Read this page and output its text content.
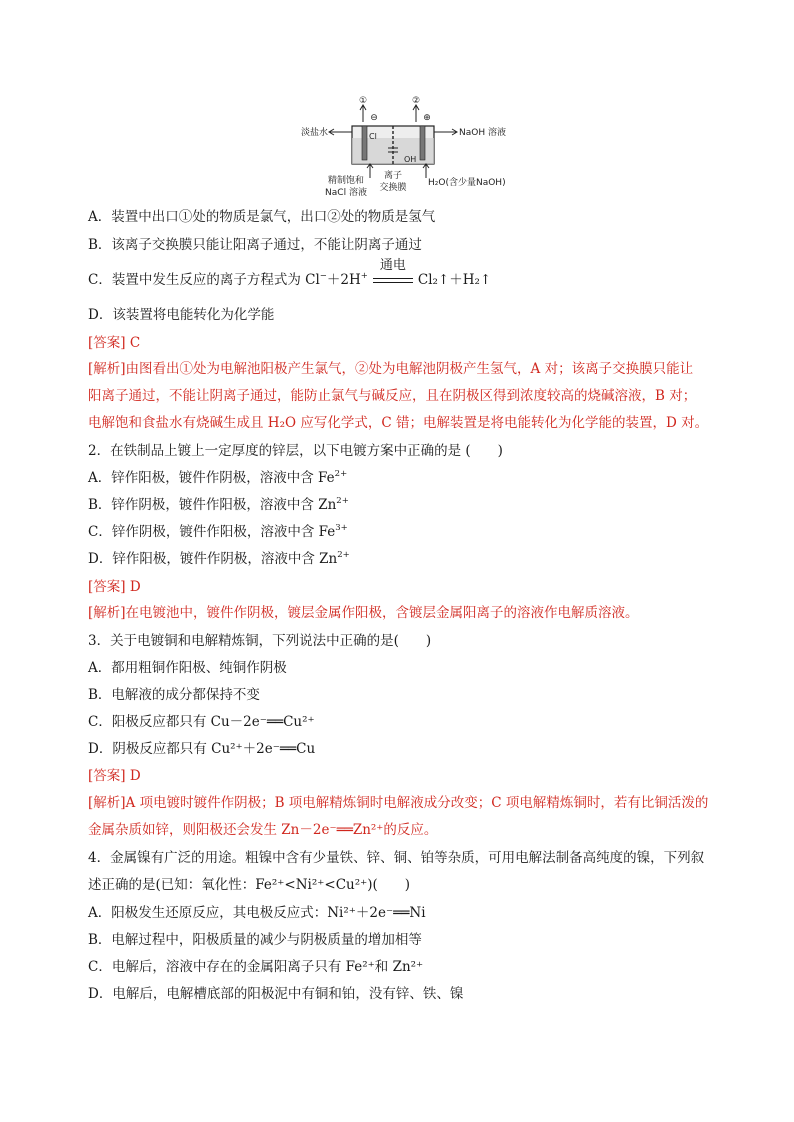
①	②
⊖	⊕
Cl
OH
淡盐水	NaOH 溶液
精制饱和
NaCl 溶液
离子
交换膜 H₂O(含少量NaOH)
A．装置中出口①处的物质是氯气，出口②处的物质是氢气
B．该离子交换膜只能让阳离子通过，不能让阴离子通过
C．装置中发生反应的离子方程式为 Cl−＋2H+
通电
Cl₂↑＋H₂↑
D．该装置将电能转化为化学能
[答案] C
[解析]由图看出①处为电解池阳极产生氯气，②处为电解池阴极产生氢气，A 对；该离子交换膜只能让
阳离子通过，不能让阴离子通过，能防止氯气与碱反应，且在阴极区得到浓度较高的烧碱溶液，B 对；
电解饱和食盐水有烧碱生成且 H₂O 应写化学式，C 错；电解装置是将电能转化为化学能的装置，D 对。
2．在铁制品上镀上一定厚度的锌层，以下电镀方案中正确的是 (　　)
A．锌作阳极，镀件作阴极，溶液中含 $Fe^{2+}$
B．锌作阴极，镀件作阳极，溶液中含 $Zn^{2+}$
C．锌作阴极，镀件作阳极，溶液中含 $Fe^{3+}$
D．锌作阳极，镀件作阴极，溶液中含 $Zn^{2+}$
[答案] D
[解析]在电镀池中，镀件作阴极，镀层金属作阳极，含镀层金属阳离子的溶液作电解质溶液。
3．关于电镀铜和电解精炼铜，下列说法中正确的是(　　)
A．都用粗铜作阳极、纯铜作阴极
B．电解液的成分都保持不变
C．阳极反应都只有 Cu－2e⁻══Cu²⁺
D．阴极反应都只有 Cu²⁺＋2e⁻══Cu
[答案] D
[解析]A 项电镀时镀件作阴极；B 项电解精炼铜时电解液成分改变；C 项电解精炼铜时，若有比铜活泼的
金属杂质如锌，则阳极还会发生 Zn－2e⁻══Zn²⁺的反应。
4．金属镍有广泛的用途。粗镍中含有少量铁、锌、铜、铂等杂质，可用电解法制备高纯度的镍，下列叙
述正确的是(已知：氧化性：Fe²⁺<Ni²⁺<Cu²⁺)(　　)
A．阳极发生还原反应，其电极反应式：Ni²⁺＋2e⁻══Ni
B．电解过程中，阳极质量的减少与阴极质量的增加相等
C．电解后，溶液中存在的金属阳离子只有 Fe²⁺和 Zn²⁺
D．电解后，电解槽底部的阳极泥中有铜和铂，没有锌、铁、镍
